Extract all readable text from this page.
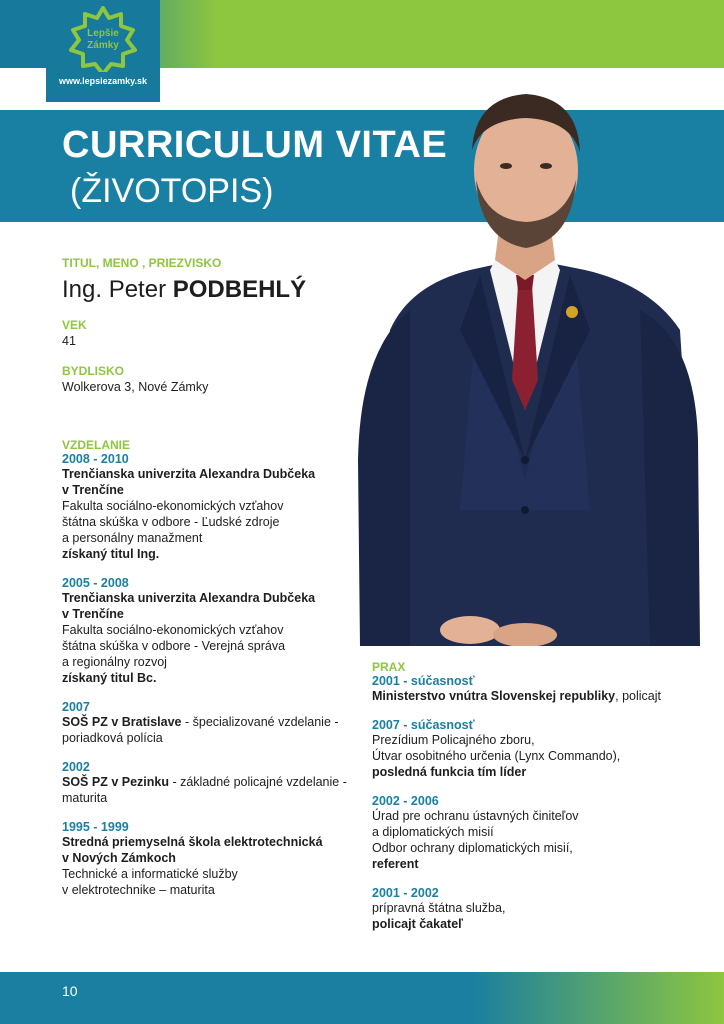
Lepšie
Zámky
www.lepsiezamky.sk
CURRICULUM VITAE
(ŽIVOTOPIS)
TITUL, MENO , PRIEZVISKO
Ing. Peter PODBEHLÝ
VEK
41
BYDLISKO
Wolkerova 3, Nové Zámky
VZDELANIE
2008 - 2010
Trenčianska univerzita Alexandra Dubčeka
v Trenčíne
Fakulta sociálno-ekonomických vzťahov
štátna skúška v odbore - Ľudské zdroje
a personálny manažment
získaný titul Ing.
2005 - 2008
Trenčianska univerzita Alexandra Dubčeka
v Trenčíne
Fakulta sociálno-ekonomických vzťahov
štátna skúška v odbore - Verejná správa
a regionálny rozvoj
získaný titul Bc.
2007
SOŠ PZ v Bratislave - špecializované vzdelanie -
poriadková polícia
2002
SOŠ PZ v Pezinku - základné policajné vzdelanie -
maturita
1995 - 1999
Stredná priemyselná škola elektrotechnická
v Nových Zámkoch
Technické a informatické služby
v elektrotechnike – maturita
PRAX
2001 - súčasnosť
Ministerstvo vnútra Slovenskej republiky, policajt
2007 - súčasnosť
Prezídium Policajného zboru,
Útvar osobitného určenia (Lynx Commando),
posledná funkcia tím líder
2002 - 2006
Úrad pre ochranu ústavných činiteľov
a diplomatických misií
Odbor ochrany diplomatických misií,
referent
2001 - 2002
prípravná štátna služba,
policajt čakateľ
10
